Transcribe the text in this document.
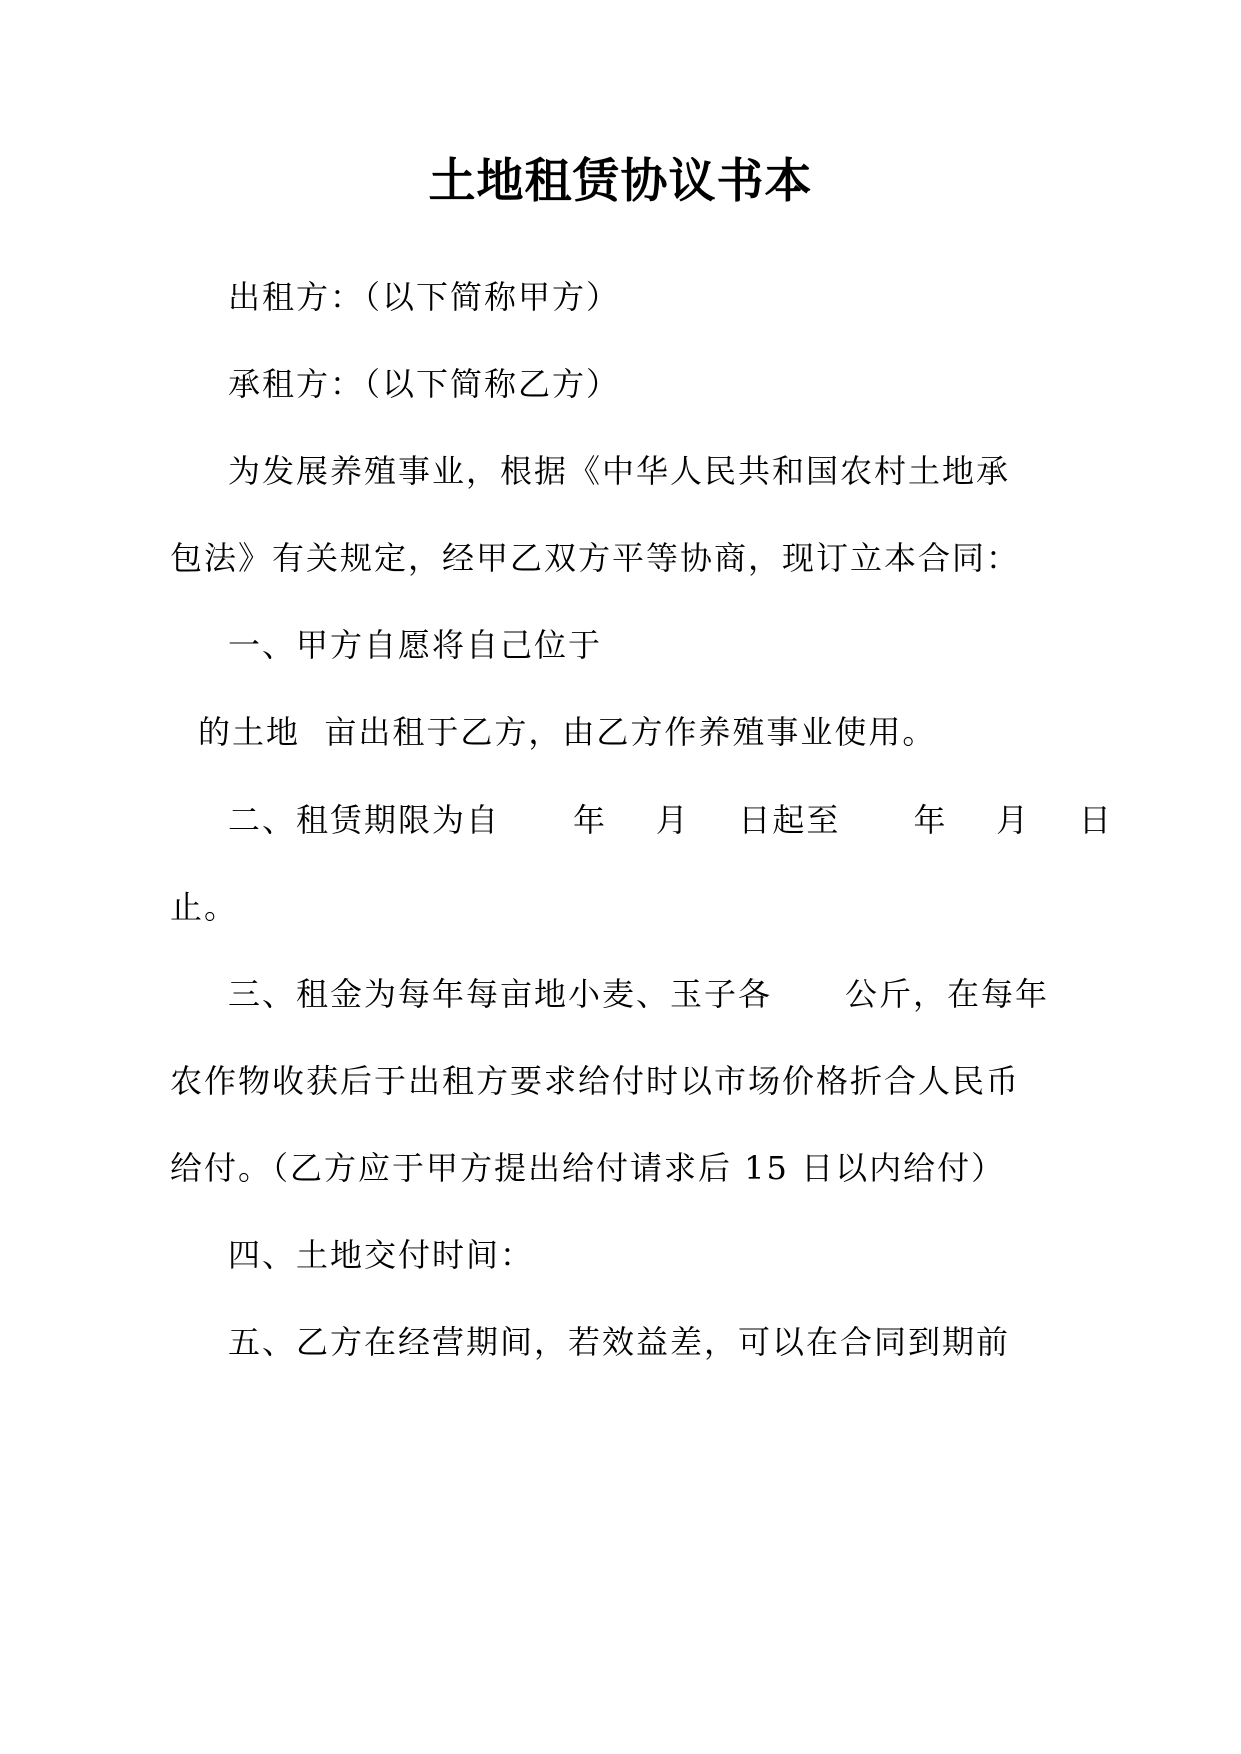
土地租赁协议书本
出租方：（以下简称甲方）
承租方：（以下简称乙方）
为发展养殖事业，根据《中华人民共和国农村土地承
包法》有关规定，经甲乙双方平等协商，现订立本合同：
一、甲方自愿将自己位于
的土地  亩出租于乙方，由乙方作养殖事业使用。
二、租赁期限为自      年    月    日起至      年    月    日
止。
三、租金为每年每亩地小麦、玉子各      公斤，在每年
农作物收获后于出租方要求给付时以市场价格折合人民币
给付。（乙方应于甲方提出给付请求后 15 日以内给付）
四、土地交付时间：
五、乙方在经营期间，若效益差，可以在合同到期前
